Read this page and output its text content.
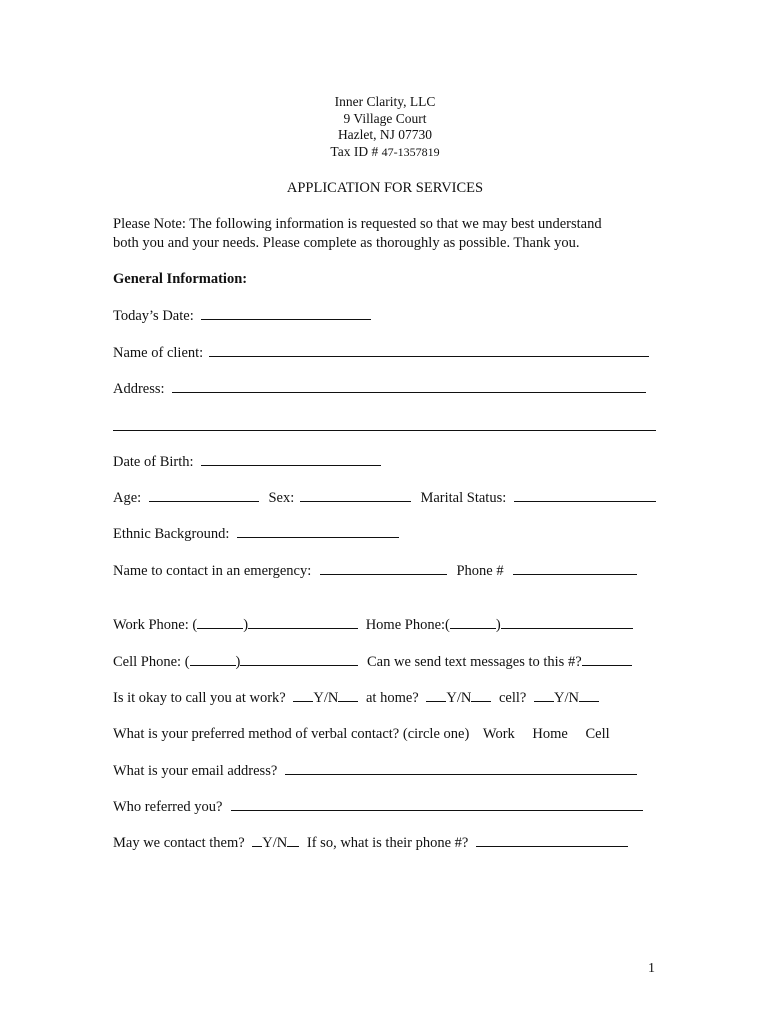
Inner Clarity, LLC
9 Village Court
Hazlet, NJ 07730
Tax ID # 47-1357819
APPLICATION FOR SERVICES
Please Note: The following information is requested so that we may best understand
both you and your needs. Please complete as thoroughly as possible. Thank you.
General Information:
Today’s Date:
Name of client:
Address:
Date of Birth:
Age:	Sex:	Marital Status:
Ethnic Background:
Name to contact in an emergency:	Phone #
Work Phone: (	)	Home Phone:(	)
Cell Phone: (	)	Can we send text messages to this #?
Is it okay to call you at work? Y/N at home? Y/N cell? Y/N
What is your preferred method of verbal contact? (circle one) Work Home Cell
What is your email address?
Who referred you?
May we contact them? Y/N If so, what is their phone #?
1
